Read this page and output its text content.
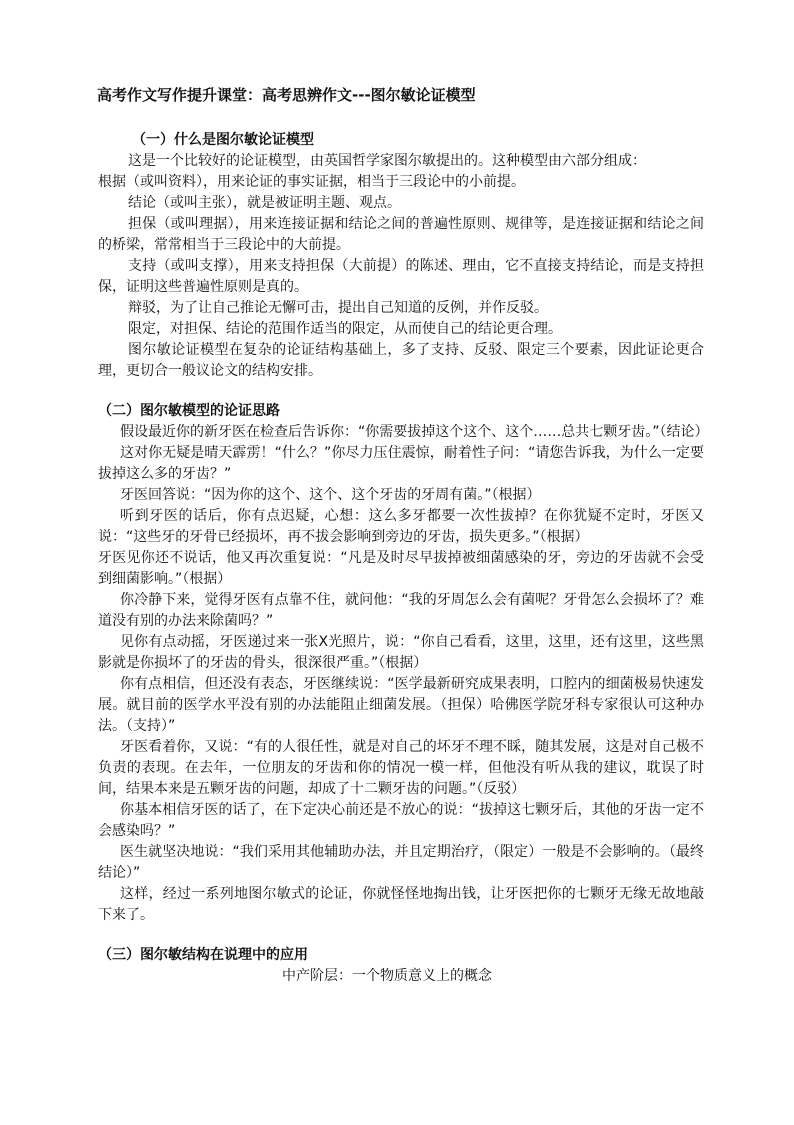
高考作文写作提升课堂：高考思辨作文---图尔敏论证模型
（一）什么是图尔敏论证模型

这是一个比较好的论证模型，由英国哲学家图尔敏提出的。这种模型由六部分组成：

根据（或叫资料），用来论证的事实证据，相当于三段论中的小前提。

结论（或叫主张），就是被证明主题、观点。

担保（或叫理据），用来连接证据和结论之间的普遍性原则、规律等，是连接证据和结论之间的桥梁，常常相当于三段论中的大前提。

支持（或叫支撑），用来支持担保（大前提）的陈述、理由，它不直接支持结论，而是支持担保，证明这些普遍性原则是真的。

辩驳，为了让自己推论无懈可击，提出自己知道的反例，并作反驳。

限定，对担保、结论的范围作适当的限定，从而使自己的结论更合理。

图尔敏论证模型在复杂的论证结构基础上，多了支持、反驳、限定三个要素，因此证论更合理，更切合一般议论文的结构安排。

（二）图尔敏模型的论证思路

假设最近你的新牙医在检查后告诉你：“你需要拔掉这个这个、这个……总共七颗牙齿。”（结论）

这对你无疑是晴天霹雳！“什么？”你尽力压住震惊，耐着性子问：“请您告诉我，为什么一定要拔掉这么多的牙齿？”

牙医回答说：“因为你的这个、这个、这个牙齿的牙周有菌。”（根据）

听到牙医的话后，你有点迟疑，心想：这么多牙都要一次性拔掉？在你犹疑不定时，牙医又说：“这些牙的牙骨已经损坏，再不拔会影响到旁边的牙齿，损失更多。”（根据）

牙医见你还不说话，他又再次重复说：“凡是及时尽早拔掉被细菌感染的牙，旁边的牙齿就不会受到细菌影响。”（根据）

你冷静下来，觉得牙医有点靠不住，就问他：“我的牙周怎么会有菌呢？牙骨怎么会损坏了？难道没有别的办法来除菌吗？”

见你有点动摇，牙医递过来一张X光照片，说：“你自己看看，这里，这里，还有这里，这些黑影就是你损坏了的牙齿的骨头，很深很严重。”（根据）

你有点相信，但还没有表态，牙医继续说：“医学最新研究成果表明，口腔内的细菌极易快速发展。就目前的医学水平没有别的办法能阻止细菌发展。（担保）哈佛医学院牙科专家很认可这种办法。（支持）”

牙医看着你，又说：“有的人很任性，就是对自己的坏牙不理不睬，随其发展，这是对自己极不负责的表现。在去年，一位朋友的牙齿和你的情况一模一样，但他没有听从我的建议，耽误了时间，结果本来是五颗牙齿的问题，却成了十二颗牙齿的问题。”（反驳）

你基本相信牙医的话了，在下定决心前还是不放心的说：“拔掉这七颗牙后，其他的牙齿一定不会感染吗？”

医生就坚决地说：“我们采用其他辅助办法，并且定期治疗，（限定）一般是不会影响的。（最终结论）”

这样，经过一系列地图尔敏式的论证，你就怪怪地掏出钱，让牙医把你的七颗牙无缘无故地敲下来了。

（三）图尔敏结构在说理中的应用
中产阶层：一个物质意义上的概念
